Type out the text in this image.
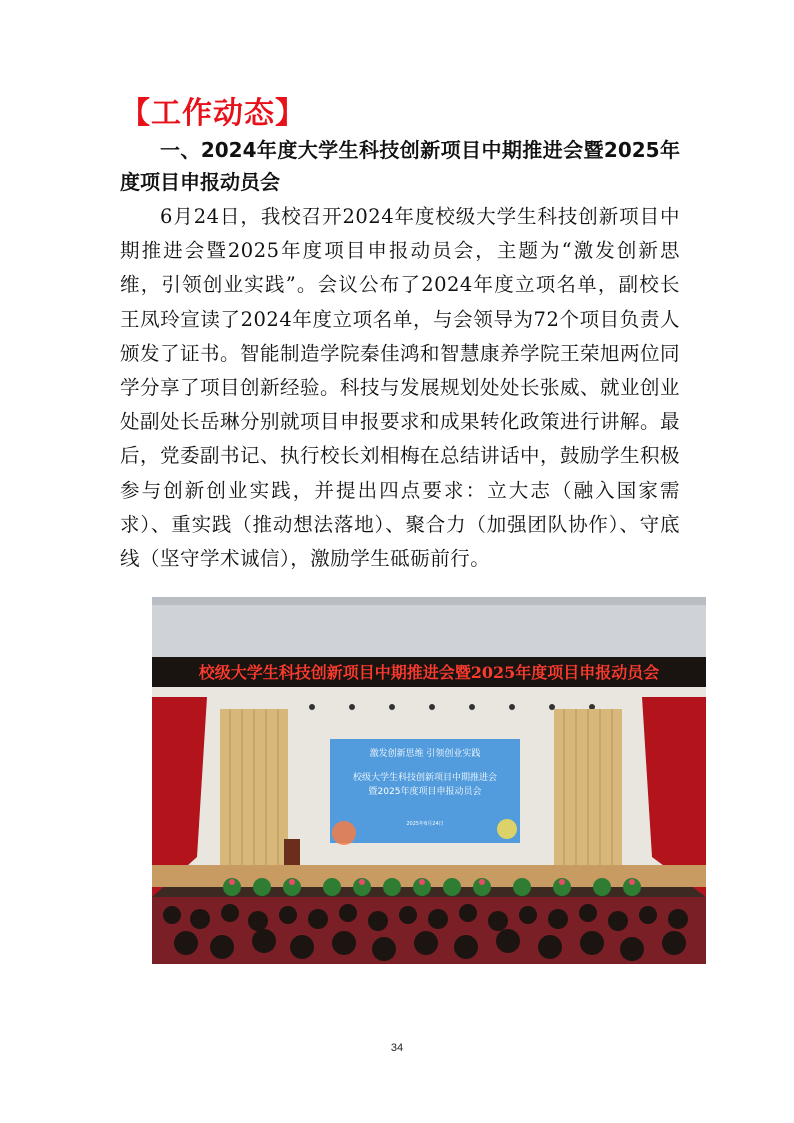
【工作动态】
一、2024年度大学生科技创新项目中期推进会暨2025年度项目申报动员会
6月24日，我校召开2024年度校级大学生科技创新项目中期推进会暨2025年度项目申报动员会，主题为“激发创新思维，引领创业实践”。会议公布了2024年度立项名单，副校长王凤玲宣读了2024年度立项名单，与会领导为72个项目负责人颁发了证书。智能制造学院秦佳鸿和智慧康养学院王荣旭两位同学分享了项目创新经验。科技与发展规划处处长张威、就业创业处副处长岳琳分别就项目申报要求和成果转化政策进行讲解。最后，党委副书记、执行校长刘相梅在总结讲话中，鼓励学生积极参与创新创业实践，并提出四点要求：立大志（融入国家需求）、重实践（推动想法落地）、聚合力（加强团队协作）、守底线（坚守学术诚信），激励学生砥砺前行。
校级大学生科技创新项目中期推进会暨2025年度项目申报动员会
激发创新思维 引领创业实践
校级大学生科技创新项目中期推进会
暨2025年度项目申报动员会
2025年6月24日
34
